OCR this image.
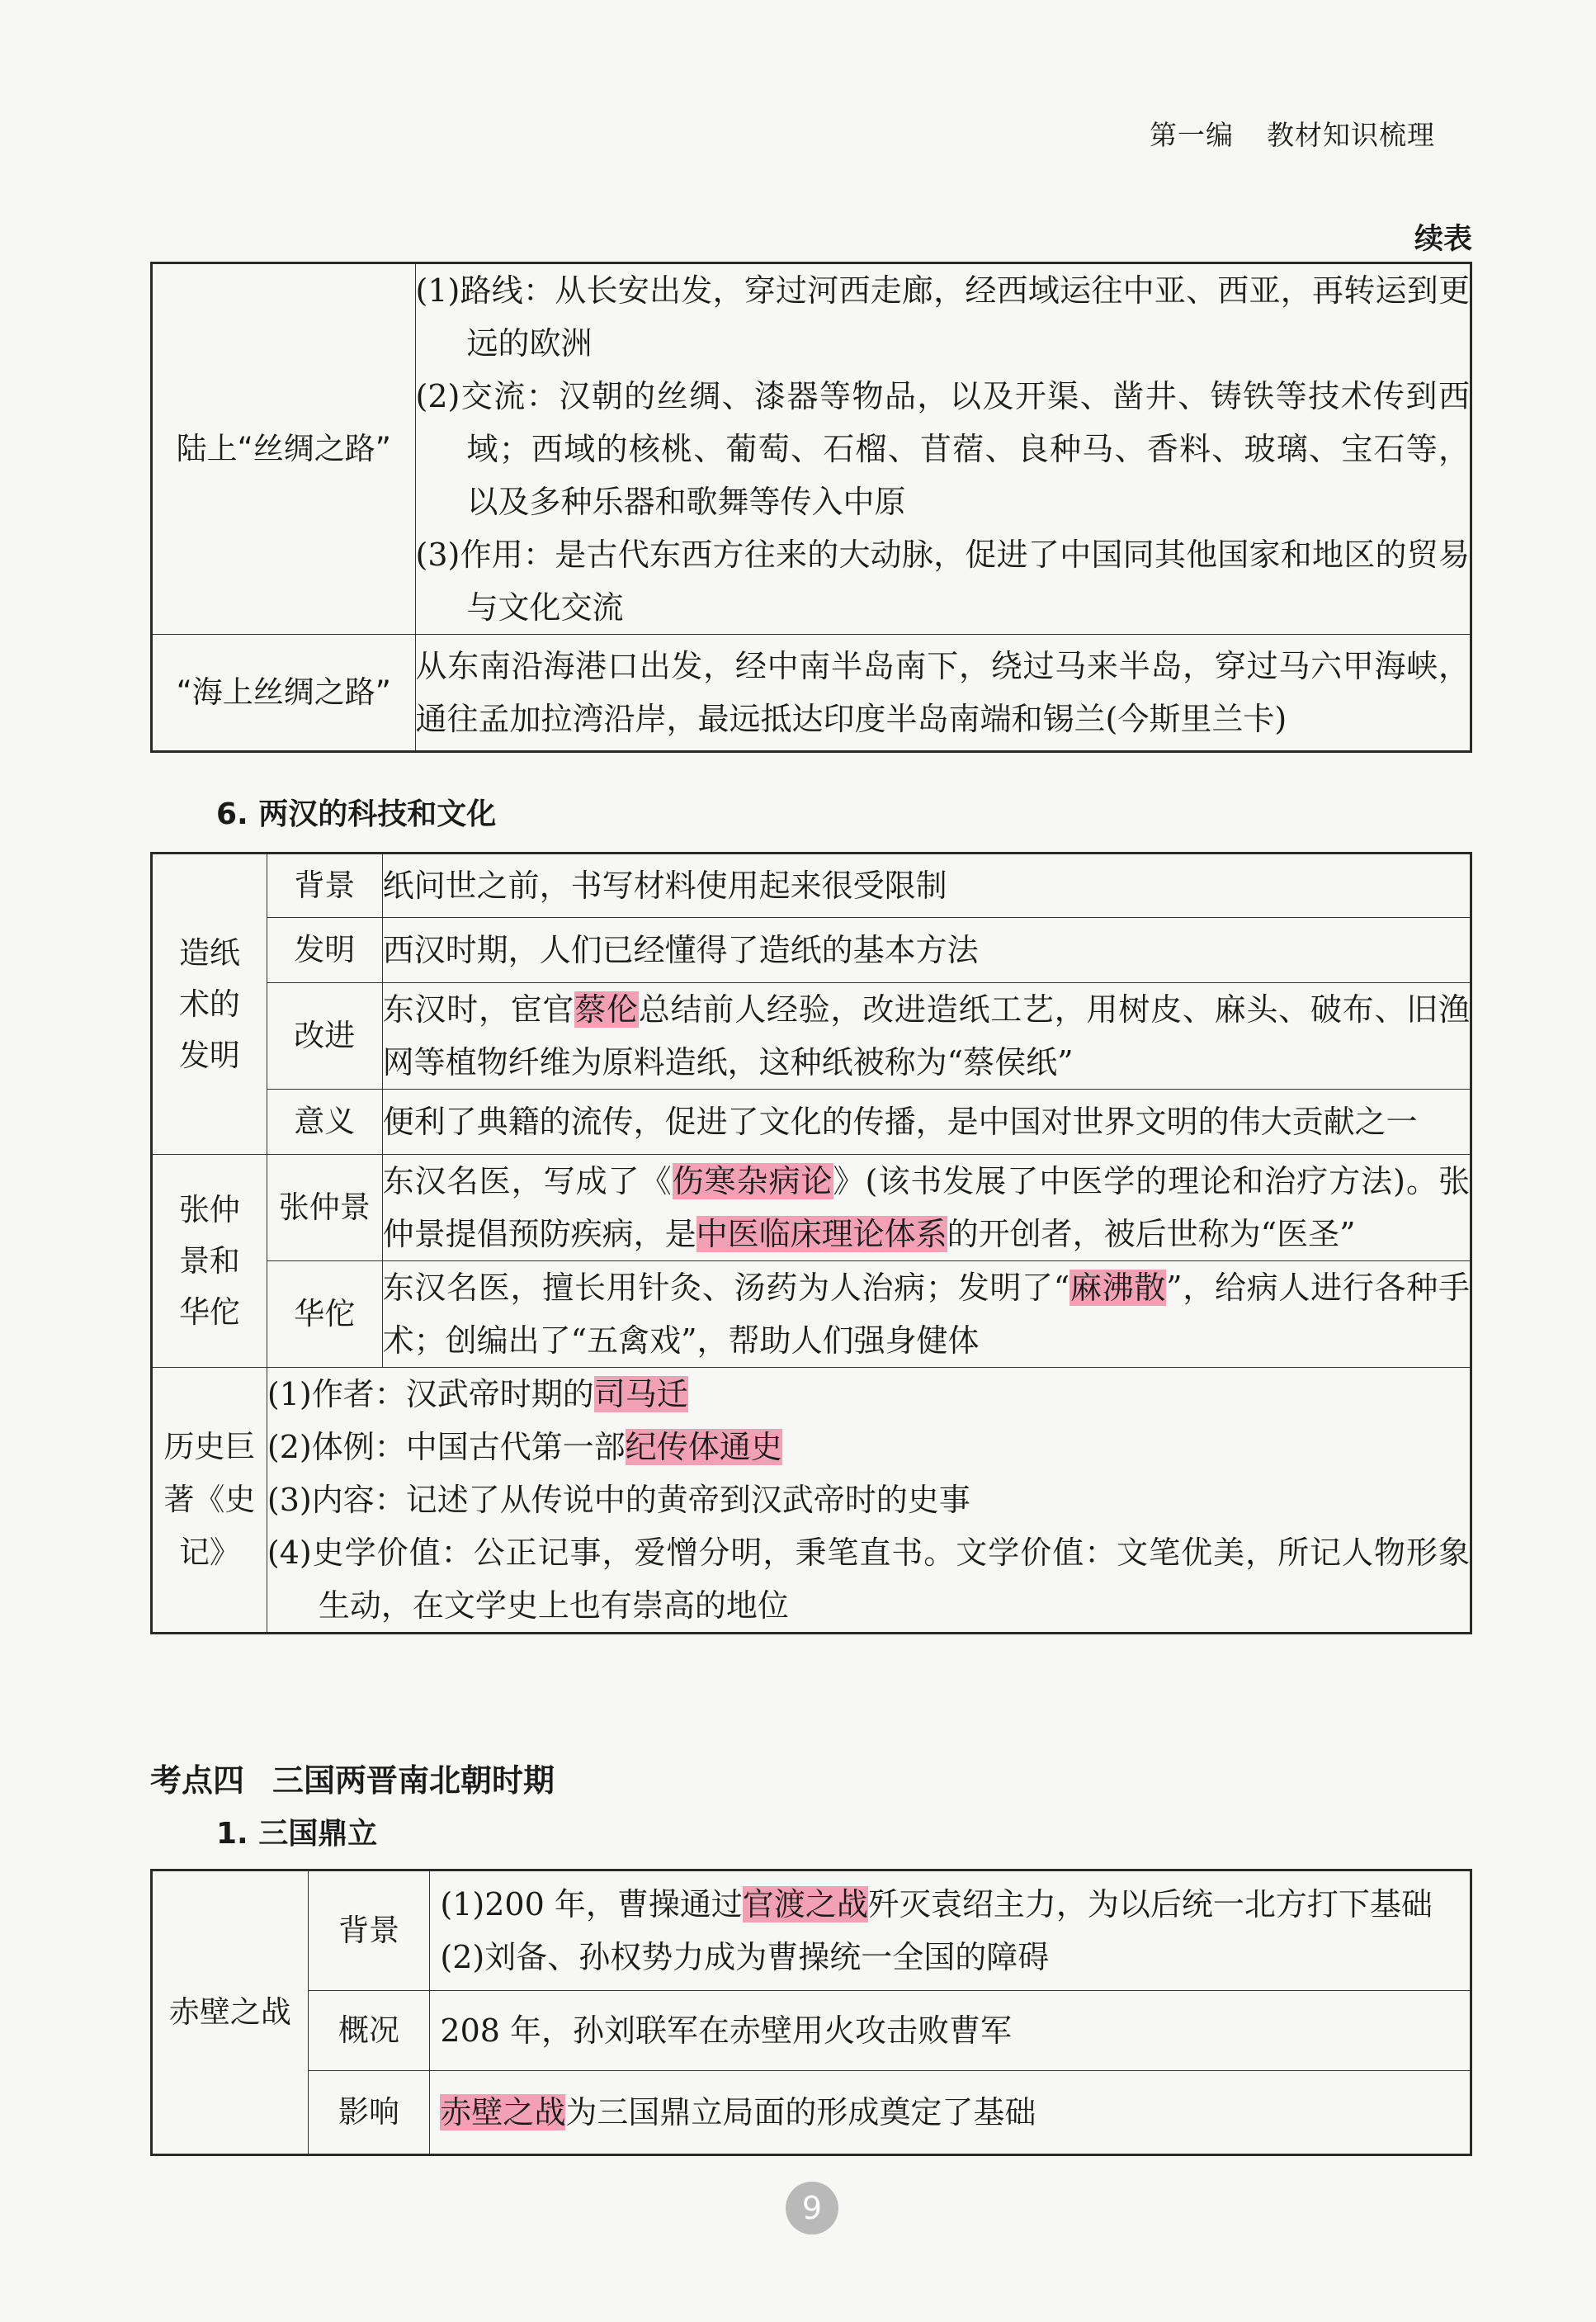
第一编 教材知识梳理
续表
陆上“丝绸之路”	(1)路线：从长安出发，穿过河西走廊，经西域运往中亚、西亚，再转运到更远的欧洲
(2)交流：汉朝的丝绸、漆器等物品，以及开渠、凿井、铸铁等技术传到西域；西域的核桃、葡萄、石榴、苜蓿、良种马、香料、玻璃、宝石等，以及多种乐器和歌舞等传入中原
(3)作用：是古代东西方往来的大动脉，促进了中国同其他国家和地区的贸易与文化交流

“海上丝绸之路”	从东南沿海港口出发，经中南半岛南下，绕过马来半岛，穿过马六甲海峡，通往孟加拉湾沿岸，最远抵达印度半岛南端和锡兰(今斯里兰卡)
6. 两汉的科技和文化
造纸术的发明	背景	纸问世之前，书写材料使用起来很受限制
	发明	西汉时期，人们已经懂得了造纸的基本方法
	改进	东汉时，宦官蔡伦总结前人经验，改进造纸工艺，用树皮、麻头、破布、旧渔网等植物纤维为原料造纸，这种纸被称为“蔡侯纸”
	意义	便利了典籍的流传，促进了文化的传播，是中国对世界文明的伟大贡献之一
张仲景和华佗	张仲景	东汉名医，写成了《伤寒杂病论》(该书发展了中医学的理论和治疗方法)。张仲景提倡预防疾病，是中医临床理论体系的开创者，被后世称为“医圣”
	华佗	东汉名医，擅长用针灸、汤药为人治病；发明了“麻沸散”，给病人进行各种手术；创编出了“五禽戏”，帮助人们强身健体
历史巨著《史记》	(1)作者：汉武帝时期的司马迁
(2)体例：中国古代第一部纪传体通史
(3)内容：记述了从传说中的黄帝到汉武帝时的史事
(4)史学价值：公正记事，爱憎分明，秉笔直书。文学价值：文笔优美，所记人物形象生动，在文学史上也有崇高的地位	
考点四 三国两晋南北朝时期
1. 三国鼎立
赤壁之战	背景	(1)200 年，曹操通过官渡之战歼灭袁绍主力，为以后统一北方打下基础
(2)刘备、孙权势力成为曹操统一全国的障碍

	概况	208 年，孙刘联军在赤壁用火攻击败曹军
	影响	赤壁之战为三国鼎立局面的形成奠定了基础
9
